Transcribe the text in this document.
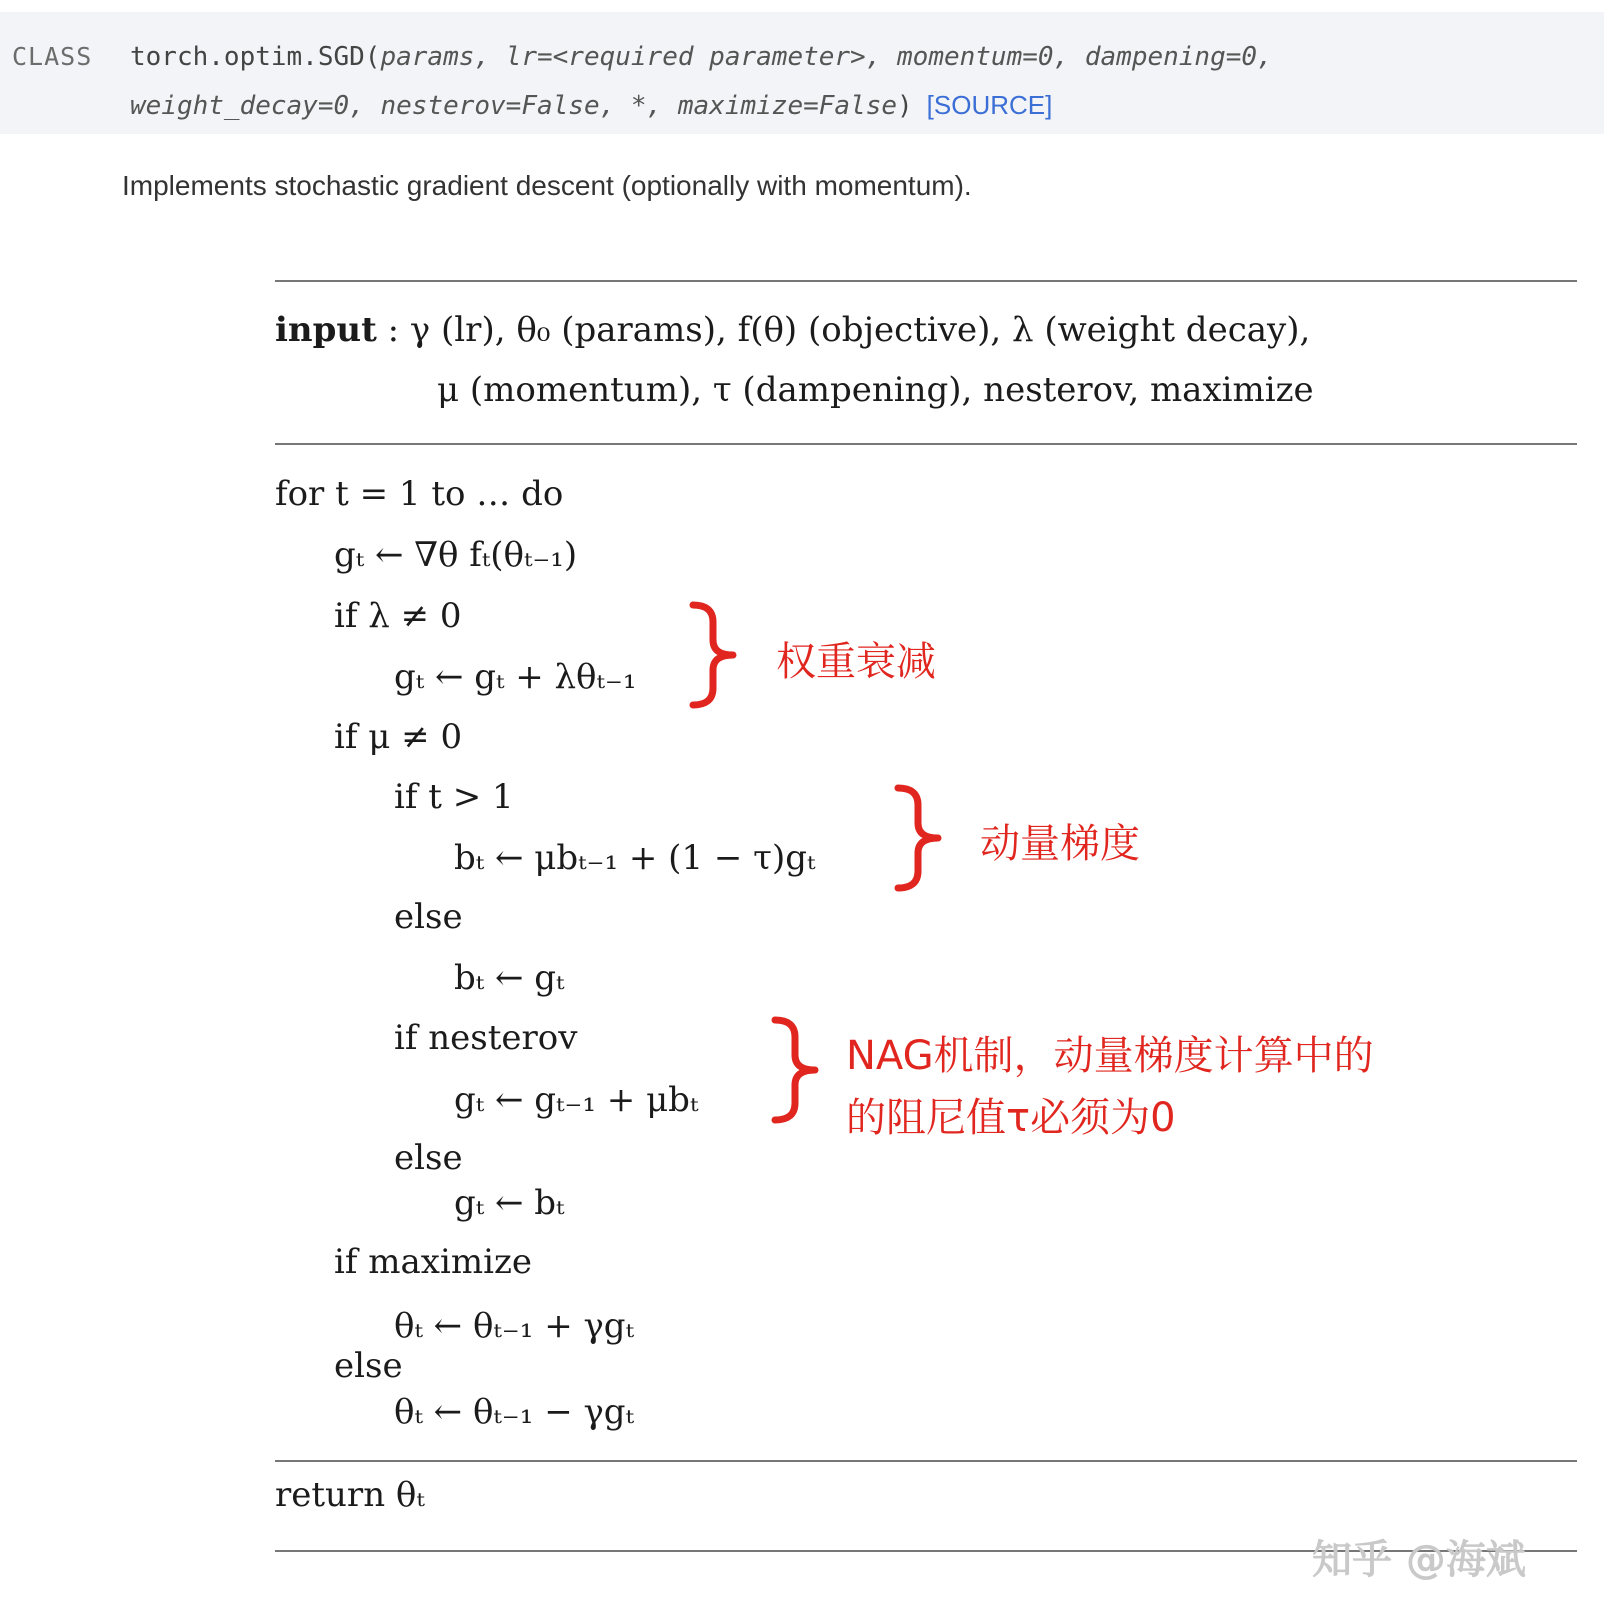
CLASS torch.optim.SGD(params, lr=<required parameter>, momentum=0, dampening=0,
weight_decay=0, nesterov=False, *, maximize=False) [SOURCE]
Implements stochastic gradient descent (optionally with momentum).
input : γ (lr), θ₀ (params), f(θ) (objective), λ (weight decay),
μ (momentum), τ (dampening), nesterov, maximize
for t = 1 to … do
gₜ ← ∇θ fₜ(θₜ₋₁)
if λ ≠ 0
gₜ ← gₜ + λθₜ₋₁
if μ ≠ 0
if t > 1
bₜ ← μbₜ₋₁ + (1 − τ)gₜ
else
bₜ ← gₜ
if nesterov
gₜ ← gₜ₋₁ + μbₜ
else
gₜ ← bₜ
if maximize
θₜ ← θₜ₋₁ + γgₜ
else
θₜ ← θₜ₋₁ − γgₜ
return θₜ
权重衰减
动量梯度
NAG机制，动量梯度计算中的
的阻尼值τ必须为0
知乎 @海斌
